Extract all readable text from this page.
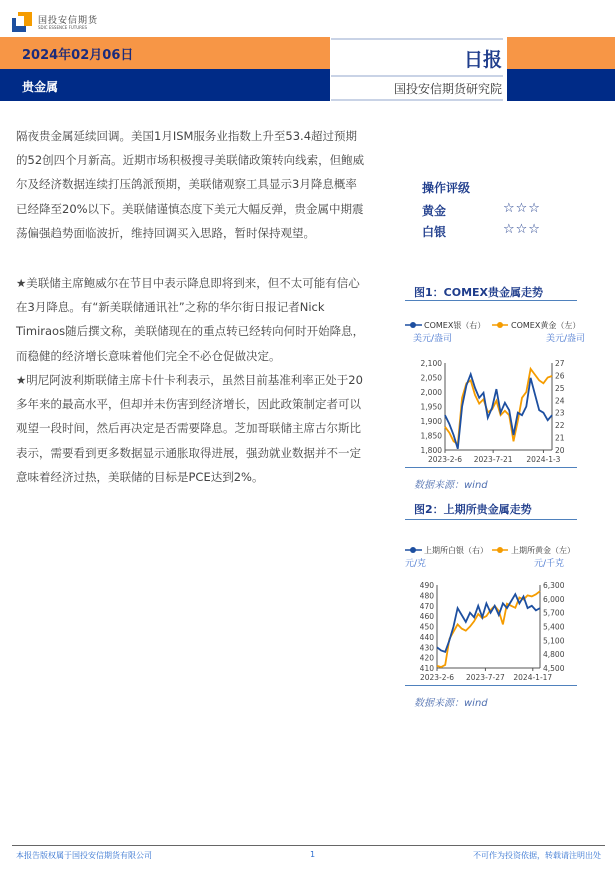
国投安信期货
SDIC ESSENCE FUTURES
2024年02月06日
贵金属
日报
国投安信期货研究院
隔夜贵金属延续回调。美国1月ISM服务业指数上升至53.4超过预期的52创四个月新高。近期市场积极搜寻美联储政策转向线索，但鲍威尔及经济数据连续打压鸽派预期，美联储观察工具显示3月降息概率已经降至20%以下。美联储谨慎态度下美元大幅反弹，贵金属中期震荡偏强趋势面临波折，维持回调买入思路，暂时保持观望。
★美联储主席鲍威尔在节目中表示降息即将到来，但不太可能有信心在3月降息。有“新美联储通讯社”之称的华尔街日报记者Nick Timiraos随后撰文称，美联储现在的重点转已经转向何时开始降息，而稳健的经济增长意味着他们完全不必仓促做决定。
★明尼阿波利斯联储主席卡什卡利表示，虽然目前基准利率正处于20多年来的最高水平，但却并未伤害到经济增长，因此政策制定者可以观望一段时间，然后再决定是否需要降息。芝加哥联储主席古尔斯比表示，需要看到更多数据显示通胀取得进展，强劲就业数据并不一定意味着经济过热，美联储的目标是PCE达到2%。
操作评级
黄金	☆☆☆
白银	☆☆☆
图1：COMEX贵金属走势
COMEX银（右）	COMEX黄金（左）
美元/盎司	美元/盎司
1,800
1,850
1,900
1,950
2,000
2,050
2,100
20
21
22
23
24
25
26
27
2023-2-6 2023-7-21 2024-1-3
数据来源：wind
图2：上期所贵金属走势
上期所白银（右）	上期所黄金（左）
元/克	元/千克
410
420
430
440
450
460
470
480
490
4,500
4,800
5,100
5,400
5,700
6,000
6,300
2023-2-6 2023-7-27 2024-1-17
数据来源：wind
本报告版权属于国投安信期货有限公司	1	不可作为投资依据，转载请注明出处
